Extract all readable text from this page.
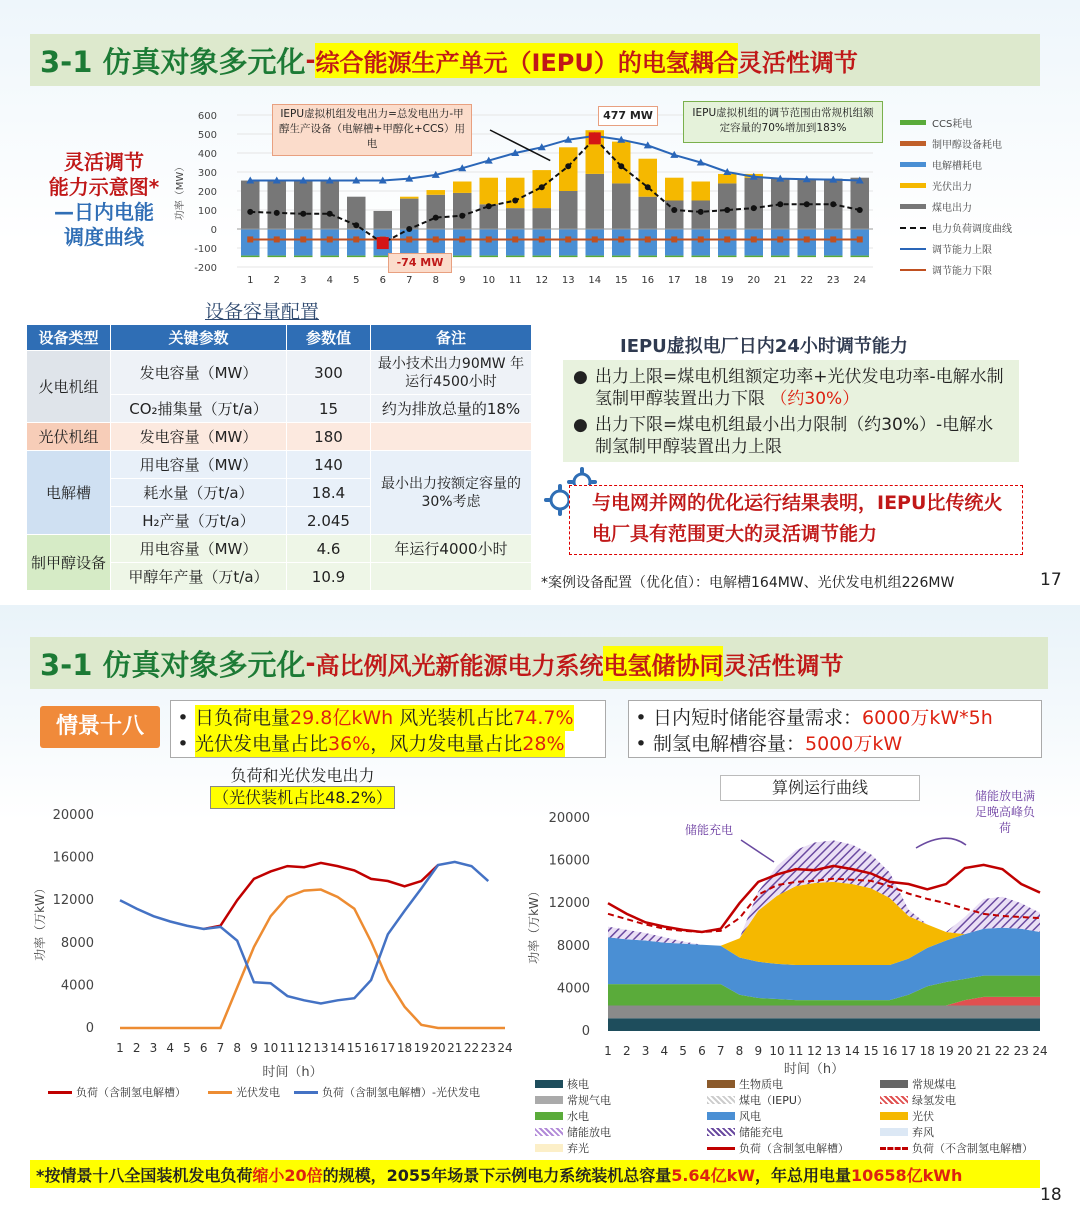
3-1 仿真对象多元化 - 综合能源生产单元（IEPU）的 电氢耦合 灵活性调节
灵活调节
能力示意图*
—日内电能
调度曲线
600
500
400
300
200
100
0
-100
-200
功率（MW）
1 2 3 4 5 6 7 8 9 10 11 12 13 14 15 16 17 18 19 20 21 22 23 24
IEPU虚拟机组发电出力=总发电出力-甲醇生产设备（电解槽+甲醇化+CCS）用电
477 MW
-74 MW
IEPU虚拟机组的调节范围由常规机组额定容量的70%增加到183%	CCS耗电
制甲醇设备耗电
电解槽耗电
光伏出力
煤电出力
电力负荷调度曲线
调节能力上限
调节能力下限
设备容量配置
设备类型	关键参数	参数值	备注
火电机组	发电容量（MW）	300	最小技术出力90MW 年运行4500小时
	CO₂捕集量（万t/a）	15	约为排放总量的18%
光伏机组	发电容量（MW）	180	
电解槽	用电容量（MW）	140	最小出力按额定容量的30%考虑
	耗水量（万t/a）	18.4	
	H₂产量（万t/a）	2.045	
制甲醇设备	用电容量（MW）	4.6	年运行4000小时
	甲醇年产量（万t/a）	10.9	
IEPU虚拟电厂日内24小时调节能力
● 出力上限=煤电机组额定功率+光伏发电功率-电解水制氢制甲醇装置出力下限 （约30%）
● 出力下限=煤电机组最小出力限制（约30%）-电解水制氢制甲醇装置出力上限
与电网并网的优化运行结果表明，IEPU比传统火电厂具有范围更大的灵活调节能力
*案例设备配置（优化值）：电解槽164MW、光伏发电机组226MW	17
3-1 仿真对象多元化 - 高比例风光新能源电力系统 电氢储协同 灵活性调节
情景十八	• 日负荷电量29.8亿kWh 风光装机占比74.7%
• 光伏发电量占比36%，风力发电量占比28%
• 日内短时储能容量需求： 6000万kW*5h
• 制氢电解槽容量： 5000万kW
负荷和光伏发电出力
（光伏装机占比48.2%）
算例运行曲线
20000
16000
12000
8000
4000
0
功率（万kW）
1 2 3 4 5 6 7 8 9 10 11 12 13 14 15 16 17 18 19 20 21 22 23 24
时间（h）
20000
16000
12000
8000
4000
0
功率（万kW）
1 2 3 4 5 6 7 8 9 10 11 12 13 14 15 16 17 18 19 20 21 22 23 24
时间（h）
储能充电
储能放电满足晚高峰负荷
负荷（含制氢电解槽）	光伏发电	负荷（含制氢电解槽）-光伏发电
核电	生物质电	常规煤电
常规气电	煤电（IEPU）	绿氢发电
水电	风电	光伏
储能放电	储能充电	弃风
弃光	负荷（含制氢电解槽）	负荷（不含制氢电解槽）
*按情景十八全国装机发电负荷 缩小20倍 的规模，2055年场景下示例电力系统装机总容量 5.64亿kW ，年总用电量 10658亿kWh
18
